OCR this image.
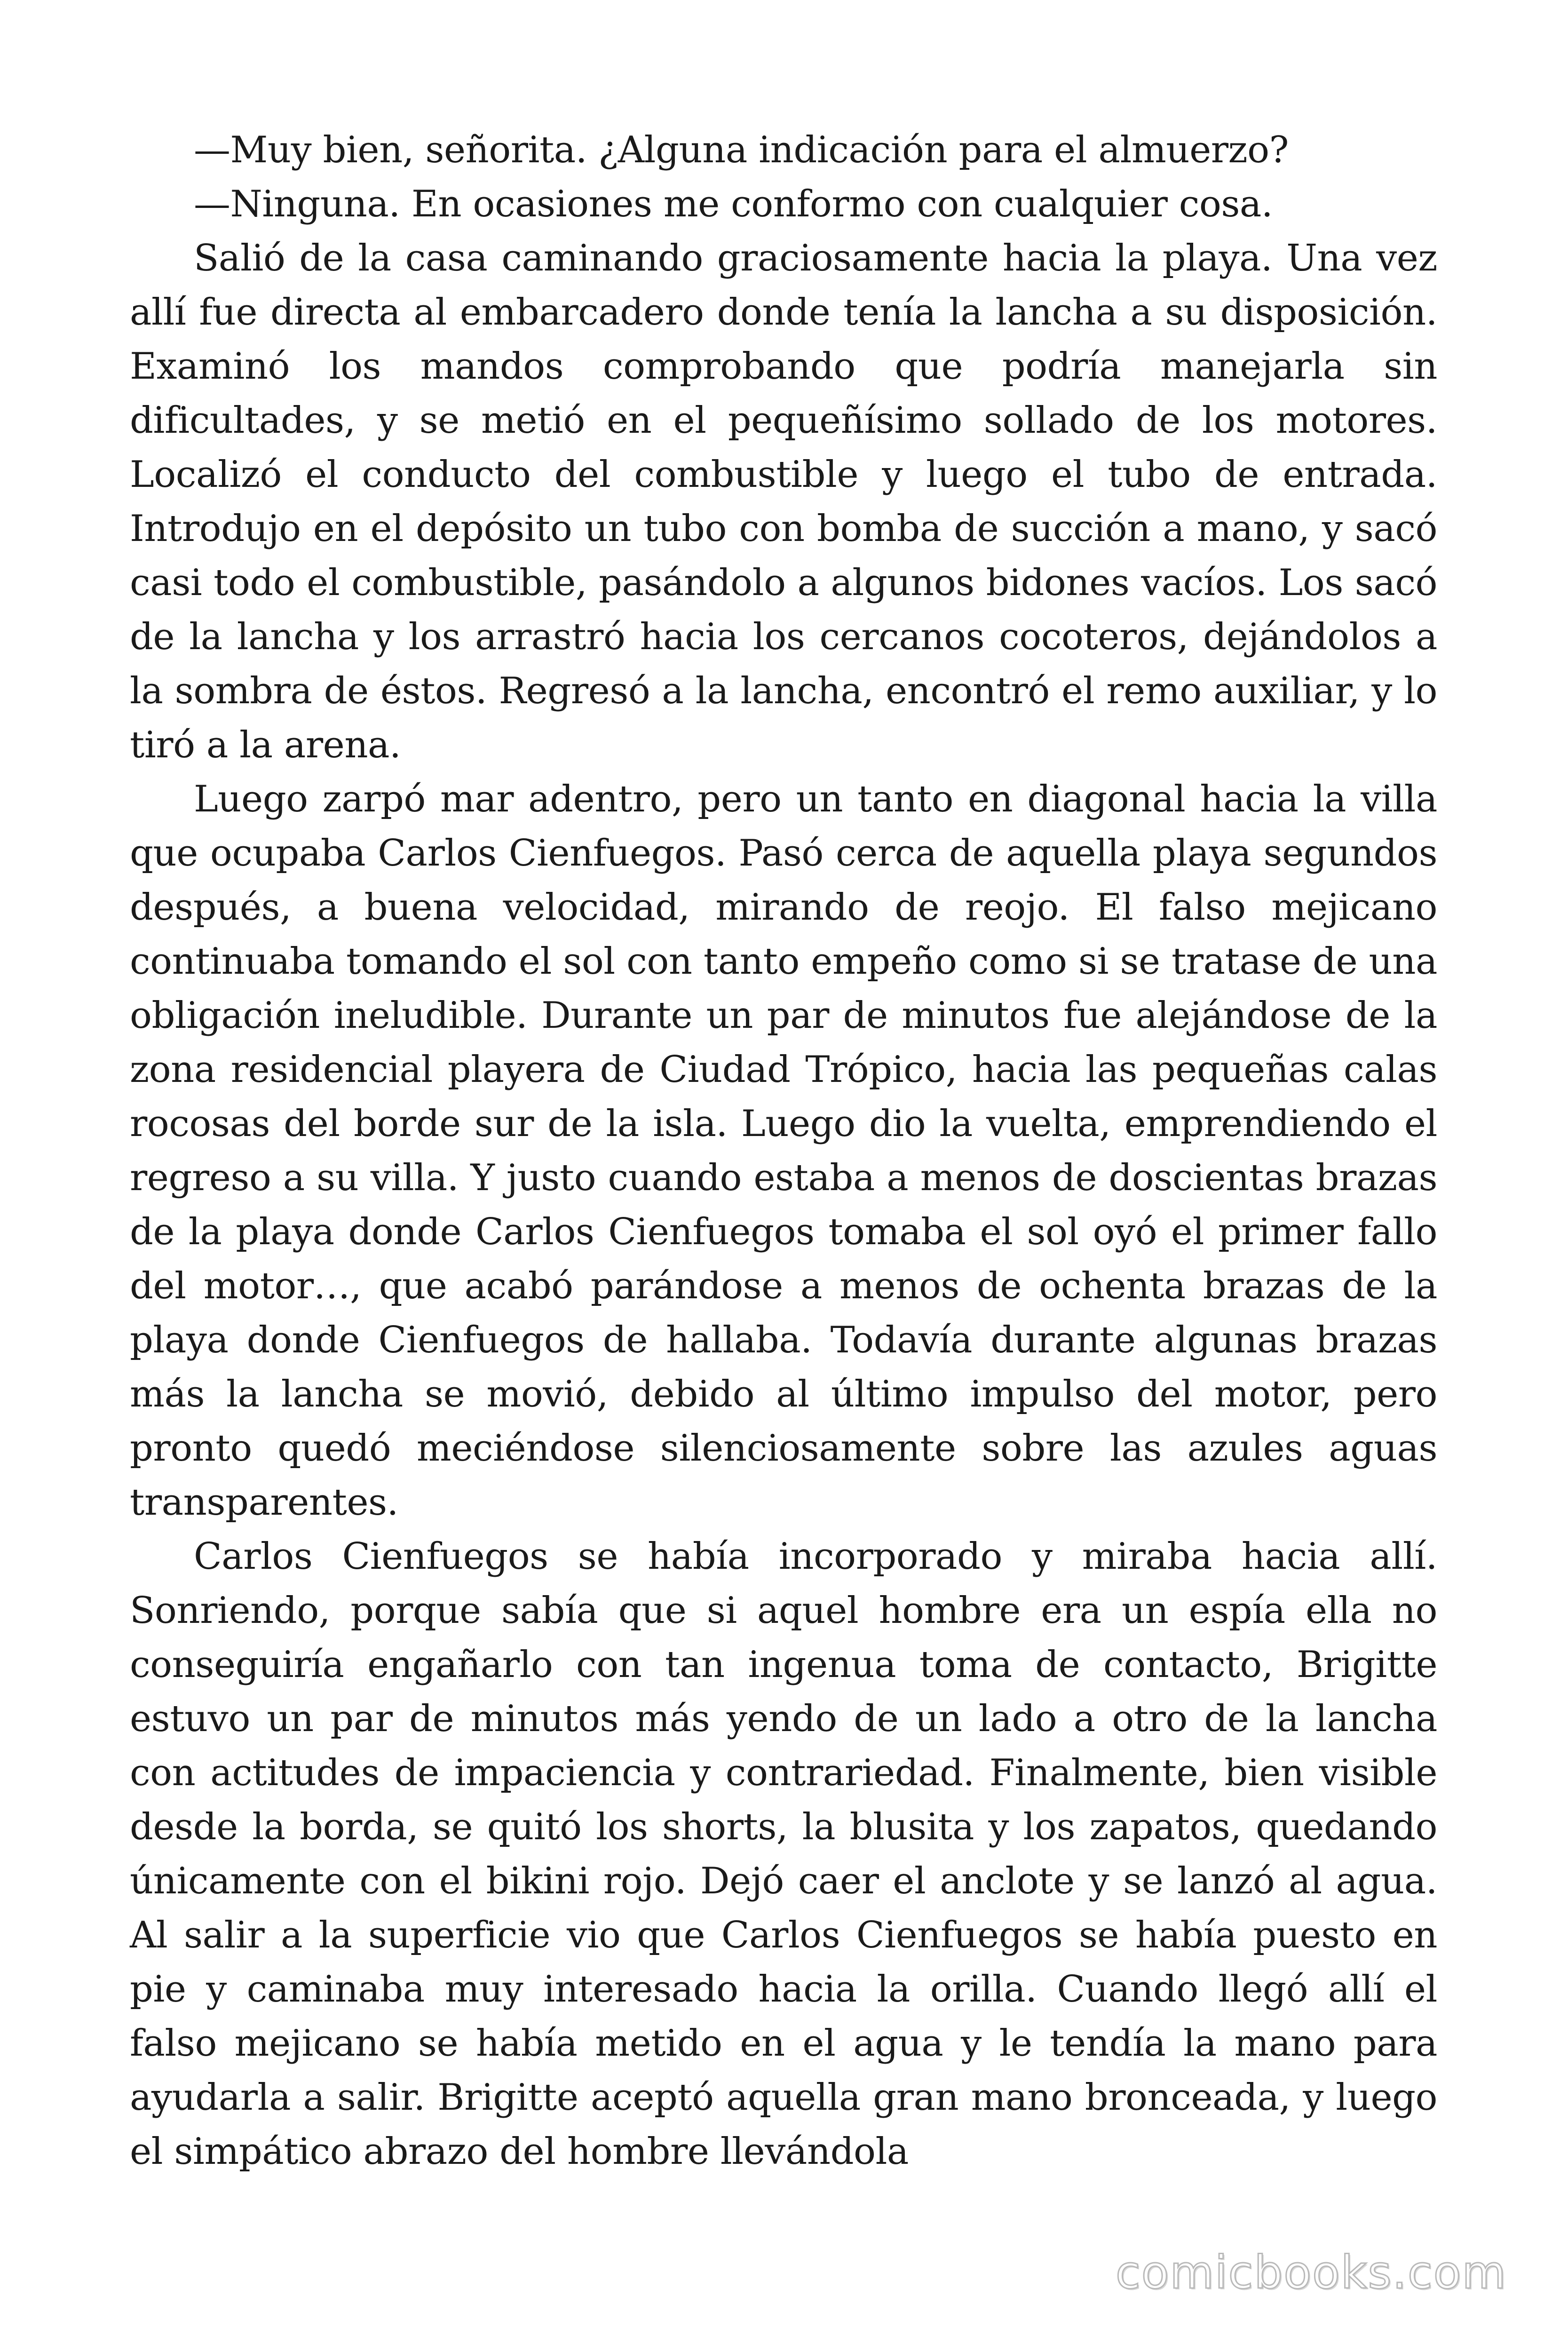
—Muy bien, señorita. ¿Alguna indicación para el almuerzo?

—Ninguna. En ocasiones me conformo con cualquier cosa.

Salió de la casa caminando graciosamente hacia la playa. Una vez allí fue directa al embarcadero donde tenía la lancha a su disposición. Examinó los mandos comprobando que podría manejarla sin dificultades, y se metió en el pequeñísimo sollado de los motores. Localizó el conducto del combustible y luego el tubo de entrada. Introdujo en el depósito un tubo con bomba de succión a mano, y sacó casi todo el combustible, pasándolo a algunos bidones vacíos. Los sacó de la lancha y los arrastró hacia los cercanos cocoteros, dejándolos a la sombra de éstos. Regresó a la lancha, encontró el remo auxiliar, y lo tiró a la arena.

Luego zarpó mar adentro, pero un tanto en diagonal hacia la villa que ocupaba Carlos Cienfuegos. Pasó cerca de aquella playa segundos después, a buena velocidad, mirando de reojo. El falso mejicano continuaba tomando el sol con tanto empeño como si se tratase de una obligación ineludible. Durante un par de minutos fue alejándose de la zona residencial playera de Ciudad Trópico, hacia las pequeñas calas rocosas del borde sur de la isla. Luego dio la vuelta, emprendiendo el regreso a su villa. Y justo cuando estaba a menos de doscientas brazas de la playa donde Carlos Cienfuegos tomaba el sol oyó el primer fallo del motor…, que acabó parándose a menos de ochenta brazas de la playa donde Cienfuegos de hallaba. Todavía durante algunas brazas más la lancha se movió, debido al último impulso del motor, pero pronto quedó meciéndose silenciosamente sobre las azules aguas transparentes.

Carlos Cienfuegos se había incorporado y miraba hacia allí. Sonriendo, porque sabía que si aquel hombre era un espía ella no conseguiría engañarlo con tan ingenua toma de contacto, Brigitte estuvo un par de minutos más yendo de un lado a otro de la lancha con actitudes de impaciencia y contrariedad. Finalmente, bien visible desde la borda, se quitó los shorts, la blusita y los zapatos, quedando únicamente con el bikini rojo. Dejó caer el anclote y se lanzó al agua. Al salir a la superficie vio que Carlos Cienfuegos se había puesto en pie y caminaba muy interesado hacia la orilla. Cuando llegó allí el falso mejicano se había metido en el agua y le tendía la mano para ayudarla a salir. Brigitte aceptó aquella gran mano bronceada, y luego el simpático abrazo del hombre llevándola

comicbooks.com
